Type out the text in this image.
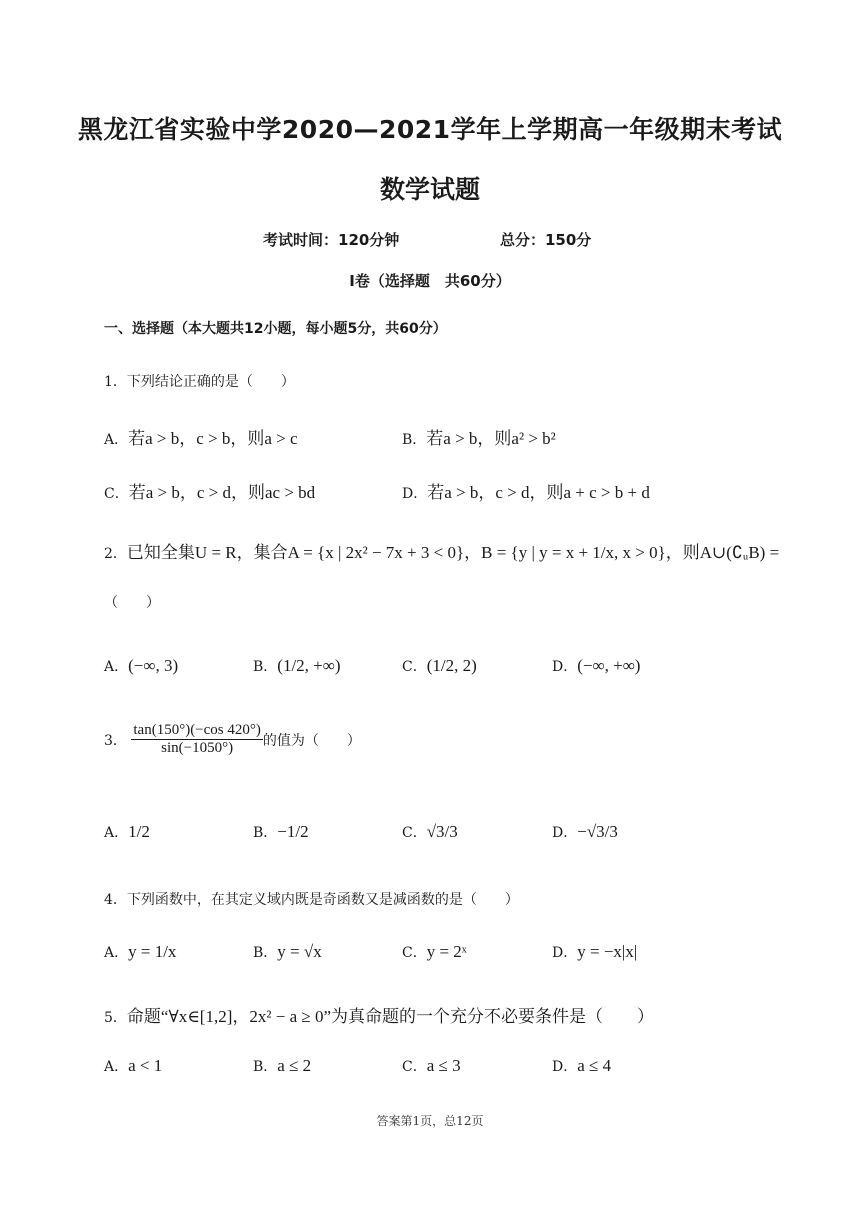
黑龙江省实验中学2020—2021学年上学期高一年级期末考试
数学试题
考试时间：120分钟	总分：150分
Ⅰ卷（选择题　共60分）
一、选择题（本大题共12小题，每小题5分，共60分）
1．下列结论正确的是（　　）
A．若a > b，c > b，则a > c	B．若a > b，则a² > b²
C．若a > b，c > d，则ac > bd	D．若a > b，c > d，则a + c > b + d
2．已知全集U = R，集合A = {x | 2x² − 7x + 3 < 0}，B = {y | y = x + 1/x, x > 0}，则A∪(∁ᵤB) =
（　　）
A．(−∞, 3)	B．(1/2, +∞)	C．(1/2, 2)	D．(−∞, +∞)
3． $\frac{\tan(150^\circ)(-\cos 420^\circ)}{\sin(-1050^\circ)}$ 的值为（　　）
A．1/2	B．−1/2	C．√3/3	D．−√3/3
4．下列函数中，在其定义域内既是奇函数又是减函数的是（　　）
A．y = 1/x	B．y = √x	C．y = 2ˣ	D．y = −x|x|
5．命题“∀x∈[1,2]，2x² − a ≥ 0”为真命题的一个充分不必要条件是（　　）
A．a < 1	B．a ≤ 2	C．a ≤ 3	D．a ≤ 4
答案第1页，总12页
